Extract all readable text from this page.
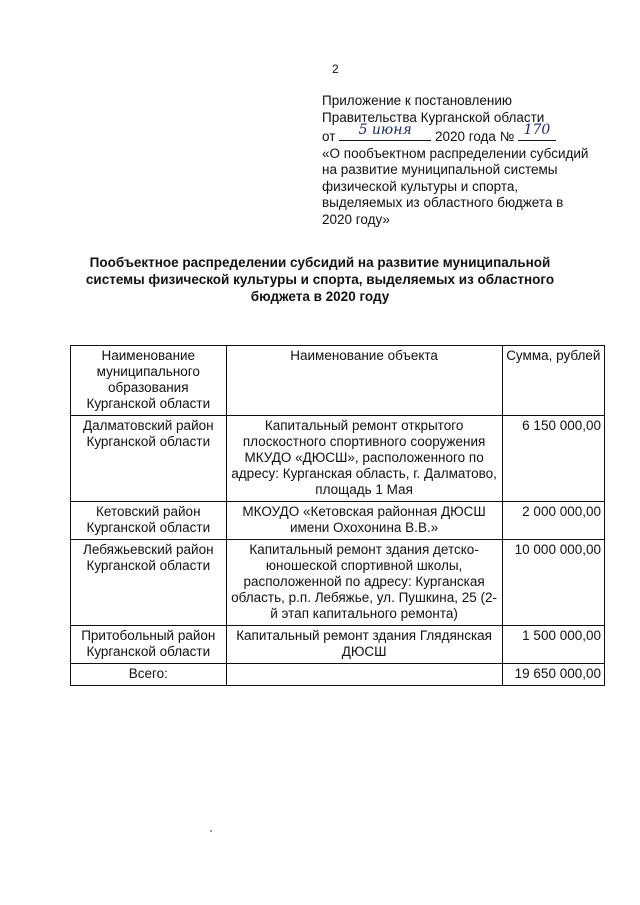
2
Приложение к постановлению
Правительства Курганской области
от	5 июня	2020 года № 170
«О пообъектном распределении субсидий
на развитие муниципальной системы
физической культуры и спорта,
выделяемых из областного бюджета в
2020 году»
Пообъектное распределении субсидий на развитие муниципальной
системы физической культуры и спорта, выделяемых из областного
бюджета в 2020 году
Наименование муниципального образования Курганской области	Наименование объекта	Сумма, рублей
Далматовский район Курганской области	Капитальный ремонт открытого плоскостного спортивного сооружения МКУДО «ДЮСШ», расположенного по адресу: Курганская область, г. Далматово, площадь 1 Мая	6 150 000,00
Кетовский район Курганской области	МКОУДО «Кетовская районная ДЮСШ имени Охохонина В.В.»	2 000 000,00
Лебяжьевский район Курганской области	Капитальный ремонт здания детско-юношеской спортивной школы, расположенной по адресу: Курганская область, р.п. Лебяжье, ул. Пушкина, 25 (2-й этап капитального ремонта)	10 000 000,00
Притобольный район Курганской области	Капитальный ремонт здания Глядянская ДЮСШ	1 500 000,00
Всего:		19 650 000,00
